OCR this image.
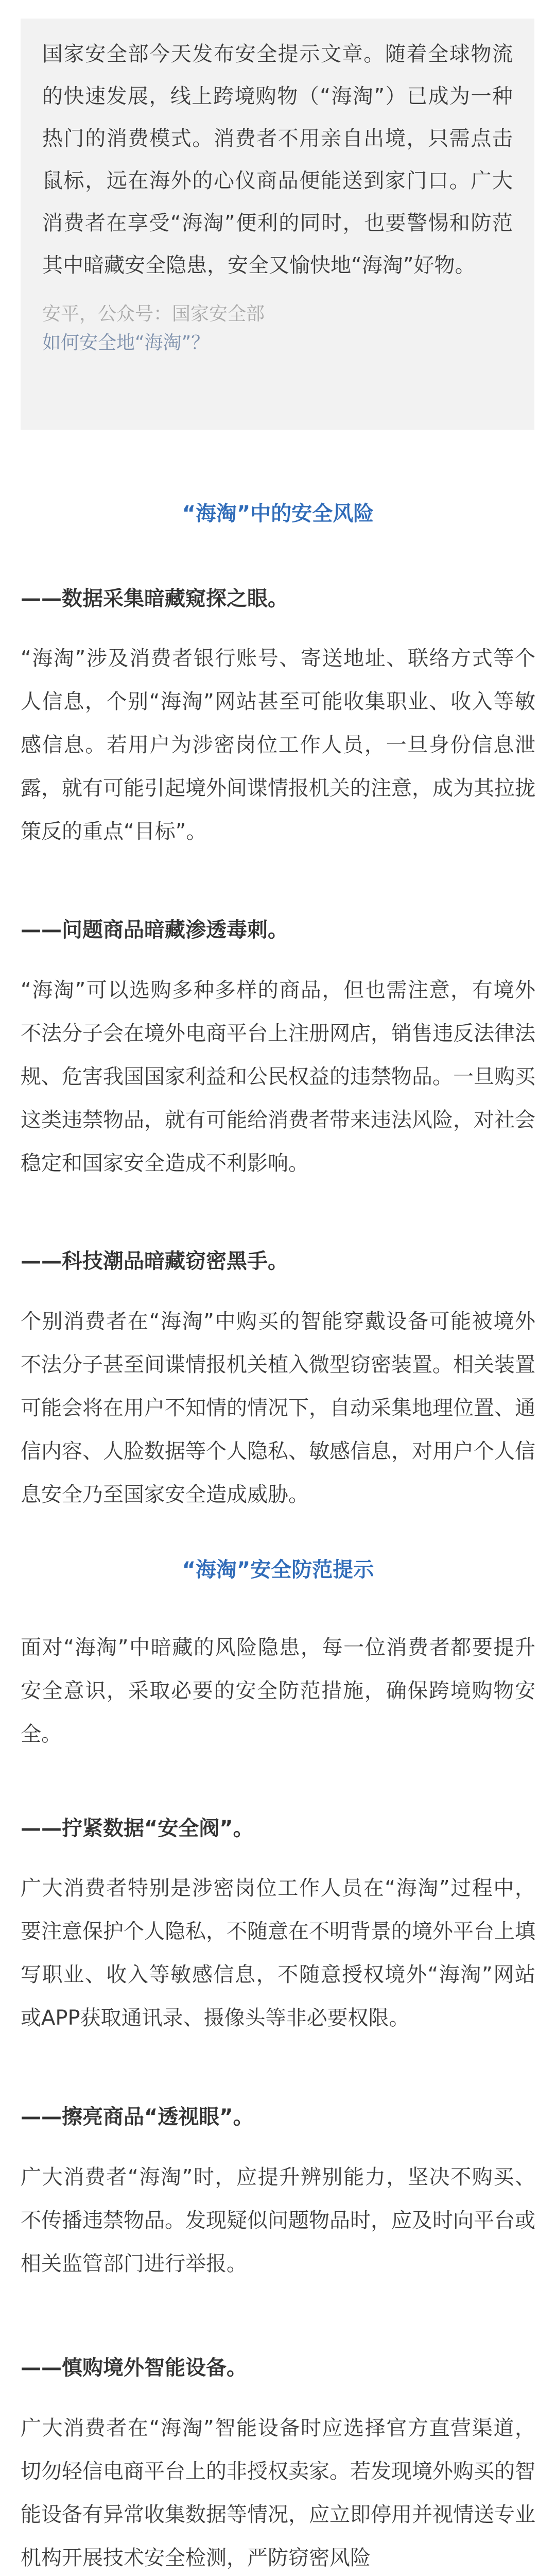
国家安全部今天发布安全提示文章。随着全球物流的快速发展，线上跨境购物（“海淘”）已成为一种热门的消费模式。消费者不用亲自出境，只需点击鼠标，远在海外的心仪商品便能送到家门口。广大消费者在享受“海淘”便利的同时，也要警惕和防范其中暗藏安全隐患，安全又愉快地“海淘”好物。

安平，公众号：国家安全部
如何安全地“海淘”？
“海淘”中的安全风险
——数据采集暗藏窥探之眼。

“海淘”涉及消费者银行账号、寄送地址、联络方式等个人信息，个别“海淘”网站甚至可能收集职业、收入等敏感信息。若用户为涉密岗位工作人员，一旦身份信息泄露，就有可能引起境外间谍情报机关的注意，成为其拉拢策反的重点“目标”。

——问题商品暗藏渗透毒刺。

“海淘”可以选购多种多样的商品，但也需注意，有境外不法分子会在境外电商平台上注册网店，销售违反法律法规、危害我国国家利益和公民权益的违禁物品。一旦购买这类违禁物品，就有可能给消费者带来违法风险，对社会稳定和国家安全造成不利影响。

——科技潮品暗藏窃密黑手。

个别消费者在“海淘”中购买的智能穿戴设备可能被境外不法分子甚至间谍情报机关植入微型窃密装置。相关装置可能会将在用户不知情的情况下，自动采集地理位置、通信内容、人脸数据等个人隐私、敏感信息，对用户个人信息安全乃至国家安全造成威胁。

“海淘”安全防范提示

面对“海淘”中暗藏的风险隐患，每一位消费者都要提升安全意识，采取必要的安全防范措施，确保跨境购物安全。

——拧紧数据“安全阀”。

广大消费者特别是涉密岗位工作人员在“海淘”过程中，要注意保护个人隐私，不随意在不明背景的境外平台上填写职业、收入等敏感信息，不随意授权境外“海淘”网站或APP获取通讯录、摄像头等非必要权限。

——擦亮商品“透视眼”。

广大消费者“海淘”时，应提升辨别能力，坚决不购买、不传播违禁物品。发现疑似问题物品时，应及时向平台或相关监管部门进行举报。

——慎购境外智能设备。

广大消费者在“海淘”智能设备时应选择官方直营渠道，切勿轻信电商平台上的非授权卖家。若发现境外购买的智能设备有异常收集数据等情况，应立即停用并视情送专业机构开展技术安全检测，严防窃密风险
